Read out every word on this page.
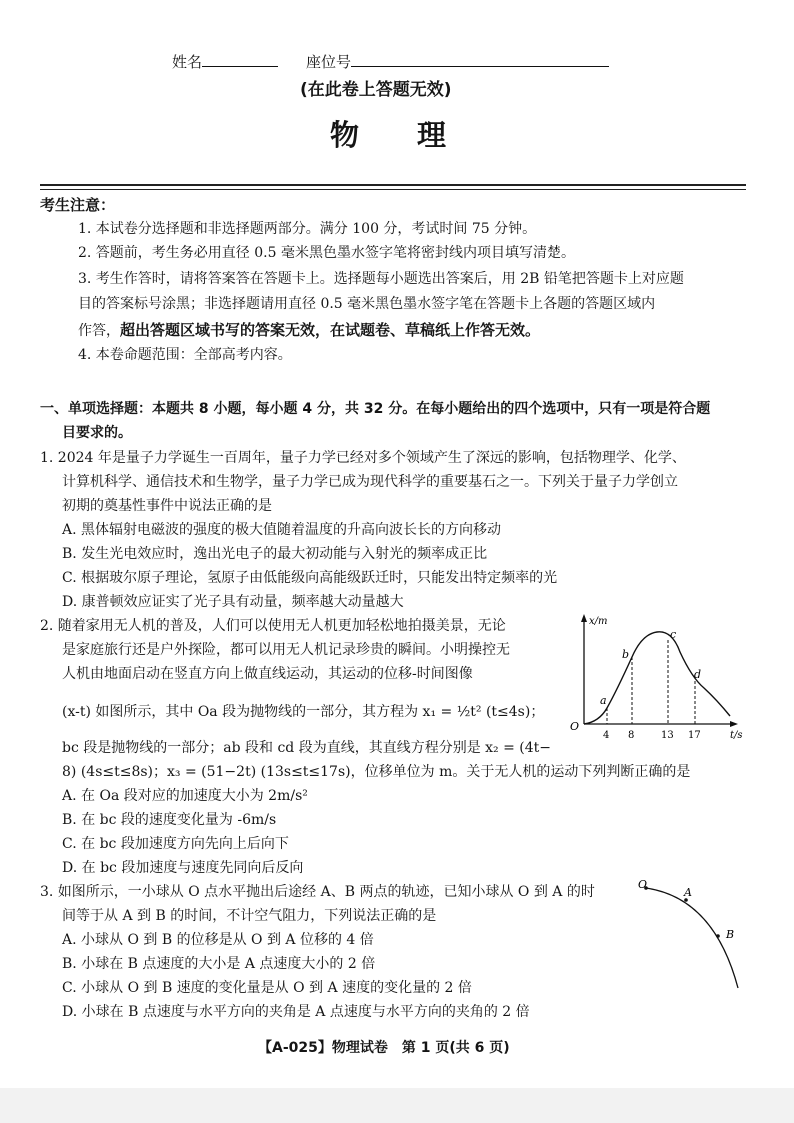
姓名	座位号
(在此卷上答题无效)
物　　理
考生注意：
1. 本试卷分选择题和非选择题两部分。满分 100 分，考试时间 75 分钟。
2. 答题前，考生务必用直径 0.5 毫米黑色墨水签字笔将密封线内项目填写清楚。
3. 考生作答时，请将答案答在答题卡上。选择题每小题选出答案后，用 2B 铅笔把答题卡上对应题
目的答案标号涂黑；非选择题请用直径 0.5 毫米黑色墨水签字笔在答题卡上各题的答题区域内
作答，超出答题区域书写的答案无效，在试题卷、草稿纸上作答无效。
4. 本卷命题范围：全部高考内容。
一、单项选择题：本题共 8 小题，每小题 4 分，共 32 分。在每小题给出的四个选项中，只有一项是符合题
目要求的。
1. 2024 年是量子力学诞生一百周年，量子力学已经对多个领域产生了深远的影响，包括物理学、化学、
计算机科学、通信技术和生物学，量子力学已成为现代科学的重要基石之一。下列关于量子力学创立
初期的奠基性事件中说法正确的是
A. 黑体辐射电磁波的强度的极大值随着温度的升高向波长长的方向移动
B. 发生光电效应时，逸出光电子的最大初动能与入射光的频率成正比
C. 根据玻尔原子理论，氢原子由低能级向高能级跃迁时，只能发出特定频率的光
D. 康普顿效应证实了光子具有动量，频率越大动量越大
2. 随着家用无人机的普及，人们可以使用无人机更加轻松地拍摄美景，无论
是家庭旅行还是户外探险，都可以用无人机记录珍贵的瞬间。小明操控无
人机由地面启动在竖直方向上做直线运动，其运动的位移-时间图像
(x-t) 如图所示，其中 Oa 段为抛物线的一部分，其方程为 x₁ = ½t² (t≤4s)；
bc 段是抛物线的一部分；ab 段和 cd 段为直线，其直线方程分别是 x₂ = (4t−
8) (4s≤t≤8s)；x₃ = (51−2t) (13s≤t≤17s)，位移单位为 m。关于无人机的运动下列判断正确的是
A. 在 Oa 段对应的加速度大小为 2m/s²
B. 在 bc 段的速度变化量为 -6m/s
C. 在 bc 段加速度方向先向上后向下
D. 在 bc 段加速度与速度先同向后反向
x/m
t/s
O
a
b
c
d
4 8	13 17
3. 如图所示，一小球从 O 点水平抛出后途经 A、B 两点的轨迹，已知小球从 O 到 A 的时
间等于从 A 到 B 的时间，不计空气阻力，下列说法正确的是
A. 小球从 O 到 B 的位移是从 O 到 A 位移的 4 倍
B. 小球在 B 点速度的大小是 A 点速度大小的 2 倍
C. 小球从 O 到 B 速度的变化量是从 O 到 A 速度的变化量的 2 倍
D. 小球在 B 点速度与水平方向的夹角是 A 点速度与水平方向的夹角的 2 倍
O
A
B
【A-025】物理试卷　第 1 页(共 6 页)
